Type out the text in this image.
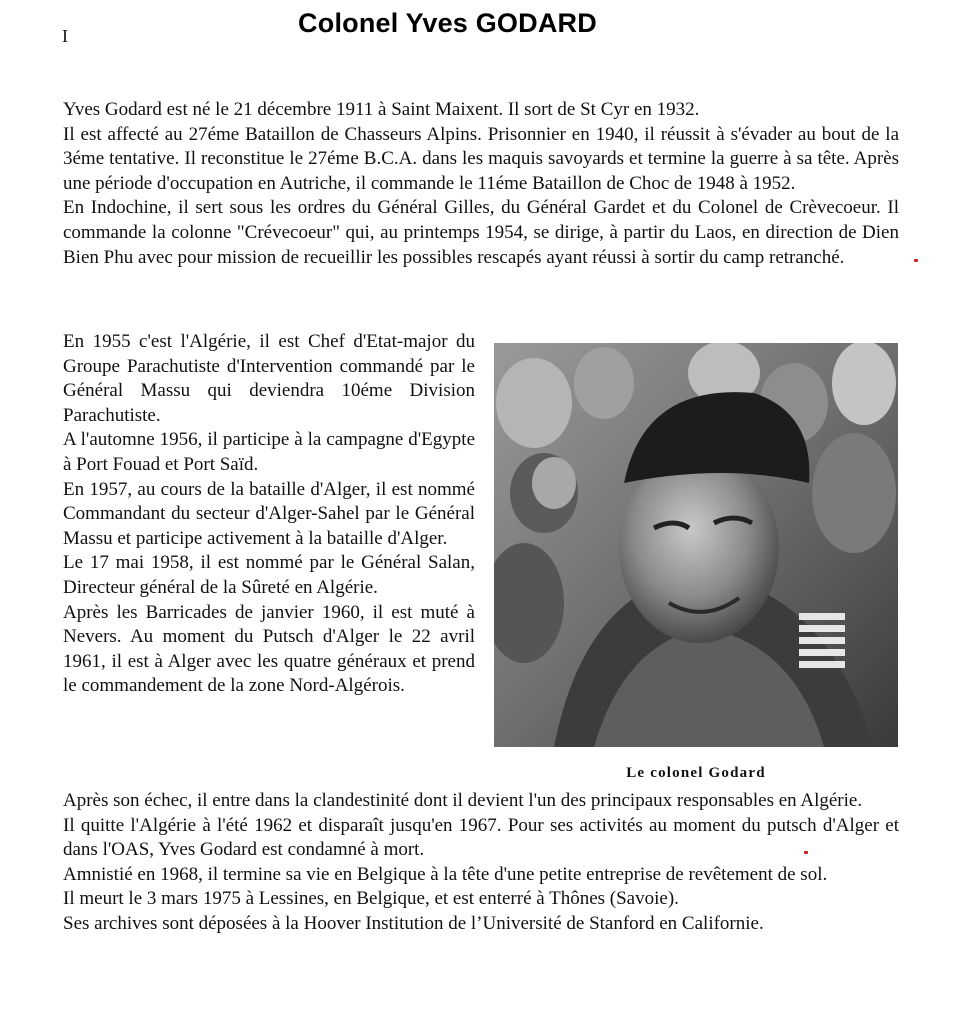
I	Colonel Yves GODARD

Yves Godard est né le 21 décembre 1911 à Saint Maixent. Il sort de St Cyr en 1932.

Il est affecté au 27éme Bataillon de Chasseurs Alpins. Prisonnier en 1940, il réussit à s'évader au bout de la 3éme tentative. Il reconstitue le 27éme B.C.A. dans les maquis savoyards et termine la guerre à sa tête. Après une période d'occupation en Autriche, il commande le 11éme Bataillon de Choc de 1948 à 1952.

En Indochine, il sert sous les ordres du Général Gilles, du Général Gardet et du Colonel de Crèvecoeur. Il commande la colonne "Crévecoeur" qui, au printemps 1954, se dirige, à partir du Laos, en direction de Dien Bien Phu avec pour mission de recueillir les possibles rescapés ayant réussi à sortir du camp retranché.

En 1955 c'est l'Algérie, il est Chef d'Etat-major du Groupe Parachutiste d'Intervention commandé par le Général Massu qui deviendra 10éme Division Parachutiste.

A l'automne 1956, il participe à la campagne d'Egypte à Port Fouad et Port Saïd.

En 1957, au cours de la bataille d'Alger, il est nommé Commandant du secteur d'Alger-Sahel par le Général Massu et participe activement à la bataille d'Alger.

Le 17 mai 1958, il est nommé par le Général Salan, Directeur général de la Sûreté en Algérie.

Après les Barricades de janvier 1960, il est muté à Nevers. Au moment du Putsch d'Alger le 22 avril 1961, il est à Alger avec les quatre généraux et prend le commandement de la zone Nord-Algérois.

Le colonel Godard

Après son échec, il entre dans la clandestinité dont il devient l'un des principaux responsables en Algérie.

Il quitte l'Algérie à l'été 1962 et disparaît jusqu'en 1967. Pour ses activités au moment du putsch d'Alger et dans l'OAS, Yves Godard est condamné à mort.

Amnistié en 1968, il termine sa vie en Belgique à la tête d'une petite entreprise de revêtement de sol.

Il meurt le 3 mars 1975 à Lessines, en Belgique, et est enterré à Thônes (Savoie).

Ses archives sont déposées à la Hoover Institution de l’Université de Stanford en Californie.
